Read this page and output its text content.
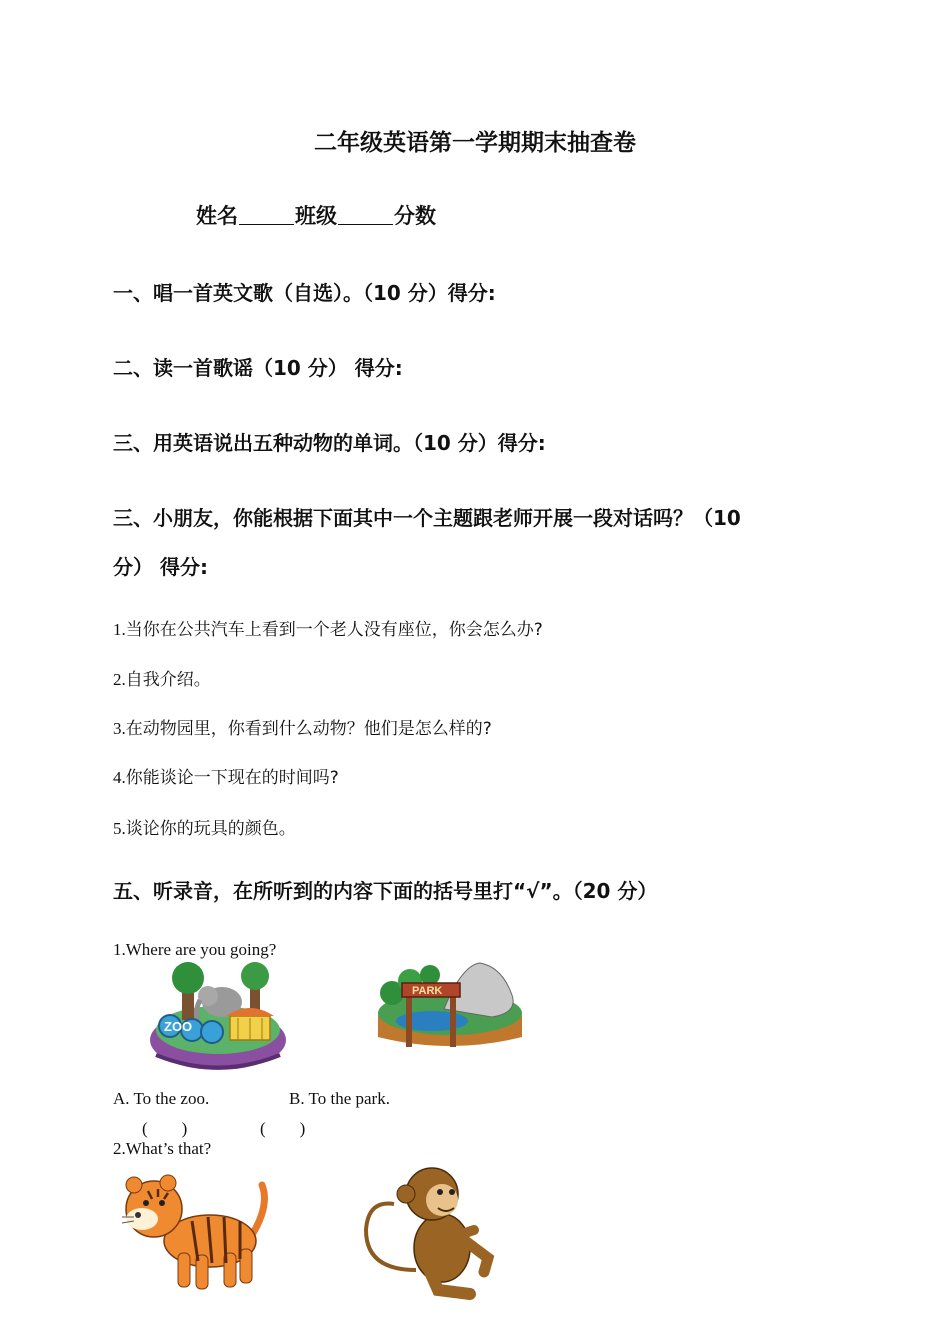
二年级英语第一学期期末抽查卷
姓名	班级	分数
一、唱一首英文歌（自选）。（10 分）得分:
二、读一首歌谣（10 分） 得分:
三、用英语说出五种动物的单词。（10 分）得分:
三、小朋友，你能根据下面其中一个主题跟老师开展一段对话吗？（10
分） 得分:
1.当你在公共汽车上看到一个老人没有座位，你会怎么办?
2.自我介绍。
3.在动物园里，你看到什么动物？他们是怎么样的?
4.你能谈论一下现在的时间吗?
5.谈论你的玩具的颜色。
五、听录音，在所听到的内容下面的括号里打“√”。（20 分）
1.Where are you going?
ZOO
PARK
A. To the zoo.	B. To the park.
(　　)	(　　)
2.What’s that?
